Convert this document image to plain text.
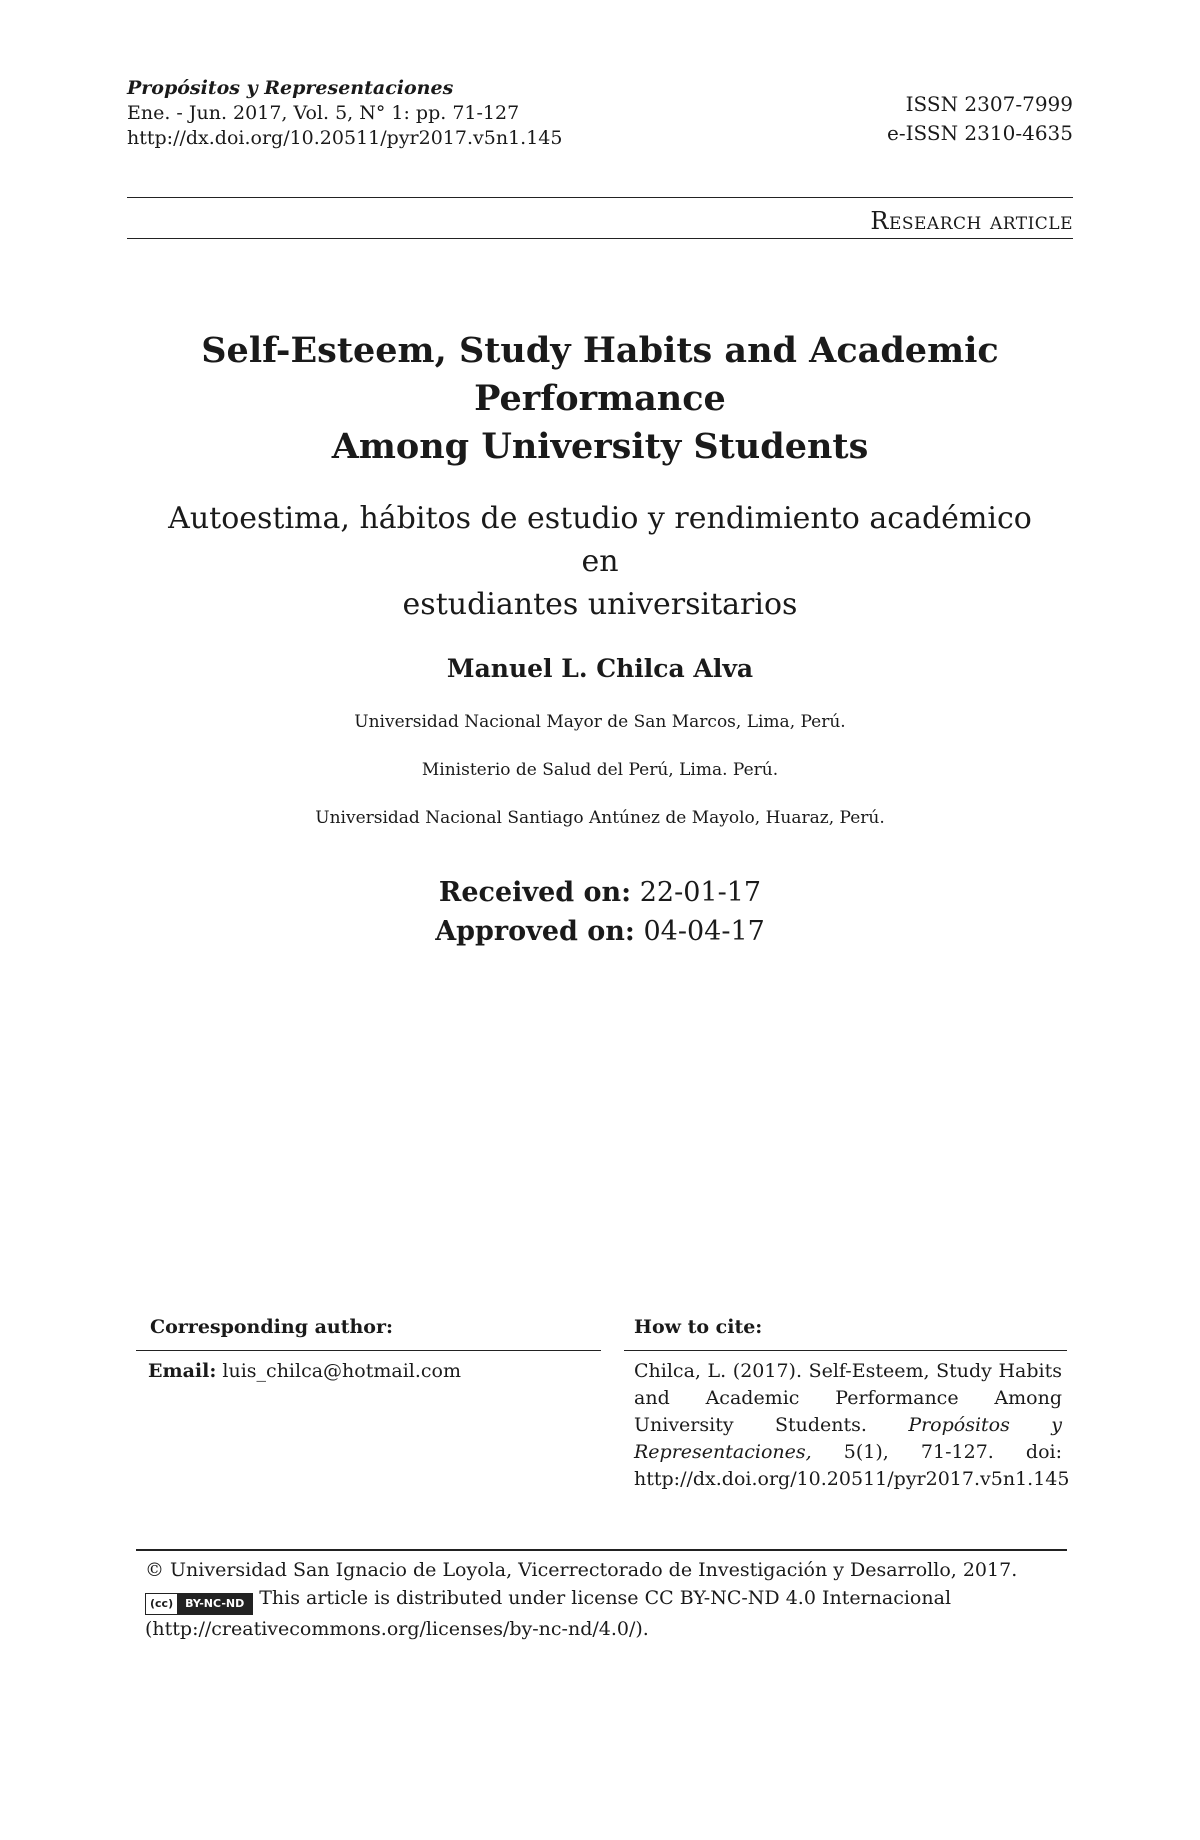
Propósitos y Representaciones
Ene. - Jun. 2017, Vol. 5, N° 1: pp. 71-127
http://dx.doi.org/10.20511/pyr2017.v5n1.145
ISSN 2307-7999
e-ISSN 2310-4635
Research article
Self-Esteem, Study Habits and Academic Performance
Among University Students
Autoestima, hábitos de estudio y rendimiento académico en
estudiantes universitarios
Manuel L. Chilca Alva
Universidad Nacional Mayor de San Marcos, Lima, Perú.
Ministerio de Salud del Perú, Lima. Perú.
Universidad Nacional Santiago Antúnez de Mayolo, Huaraz, Perú.
Received on: 22-01-17
Approved on: 04-04-17
Corresponding author:
Email: luis_chilca@hotmail.com
How to cite:
Chilca, L. (2017). Self-Esteem, Study Habits and Academic Performance Among University Students. Propósitos y Representaciones, 5(1), 71-127. doi: http://dx.doi.org/10.20511/pyr2017.v5n1.145
© Universidad San Ignacio de Loyola, Vicerrectorado de Investigación y Desarrollo, 2017.
(cc) BY-NC-ND This article is distributed under license CC BY-NC-ND 4.0 Internacional
(http://creativecommons.org/licenses/by-nc-nd/4.0/).
